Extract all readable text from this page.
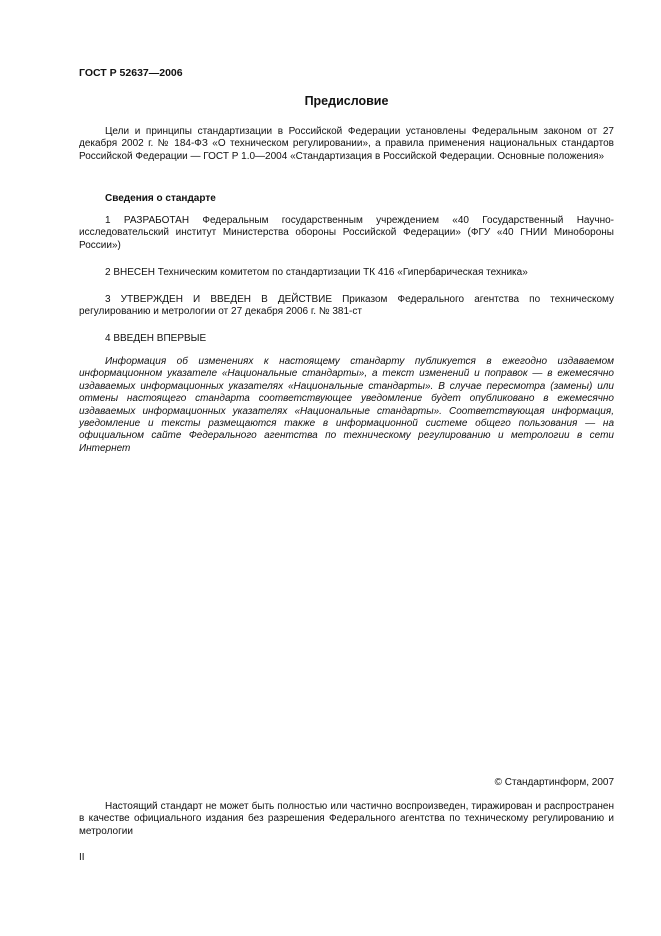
ГОСТ Р 52637—2006
Предисловие
Цели и принципы стандартизации в Российской Федерации установлены Федеральным законом от 27 декабря 2002 г. № 184-ФЗ «О техническом регулировании», а правила применения национальных стандартов Российской Федерации — ГОСТ Р 1.0—2004 «Стандартизация в Российской Федерации. Основные положения»
Сведения о стандарте
1 РАЗРАБОТАН Федеральным государственным учреждением «40 Государственный Научно-исследовательский институт Министерства обороны Российской Федерации» (ФГУ «40 ГНИИ Минобороны России»)
2 ВНЕСЕН Техническим комитетом по стандартизации ТК 416 «Гипербарическая техника»
3 УТВЕРЖДЕН И ВВЕДЕН В ДЕЙСТВИЕ Приказом Федерального агентства по техническому регулированию и метрологии от 27 декабря 2006 г. № 381-ст
4 ВВЕДЕН ВПЕРВЫЕ
Информация об изменениях к настоящему стандарту публикуется в ежегодно издаваемом информационном указателе «Национальные стандарты», а текст изменений и поправок — в ежемесячно издаваемых информационных указателях «Национальные стандарты». В случае пересмотра (замены) или отмены настоящего стандарта соответствующее уведомление будет опубликовано в ежемесячно издаваемых информационных указателях «Национальные стандарты». Соответствующая информация, уведомление и тексты размещаются также в информационной системе общего пользования — на официальном сайте Федерального агентства по техническому регулированию и метрологии в сети Интернет
© Стандартинформ, 2007
Настоящий стандарт не может быть полностью или частично воспроизведен, тиражирован и распространен в качестве официального издания без разрешения Федерального агентства по техническому регулированию и метрологии
II
